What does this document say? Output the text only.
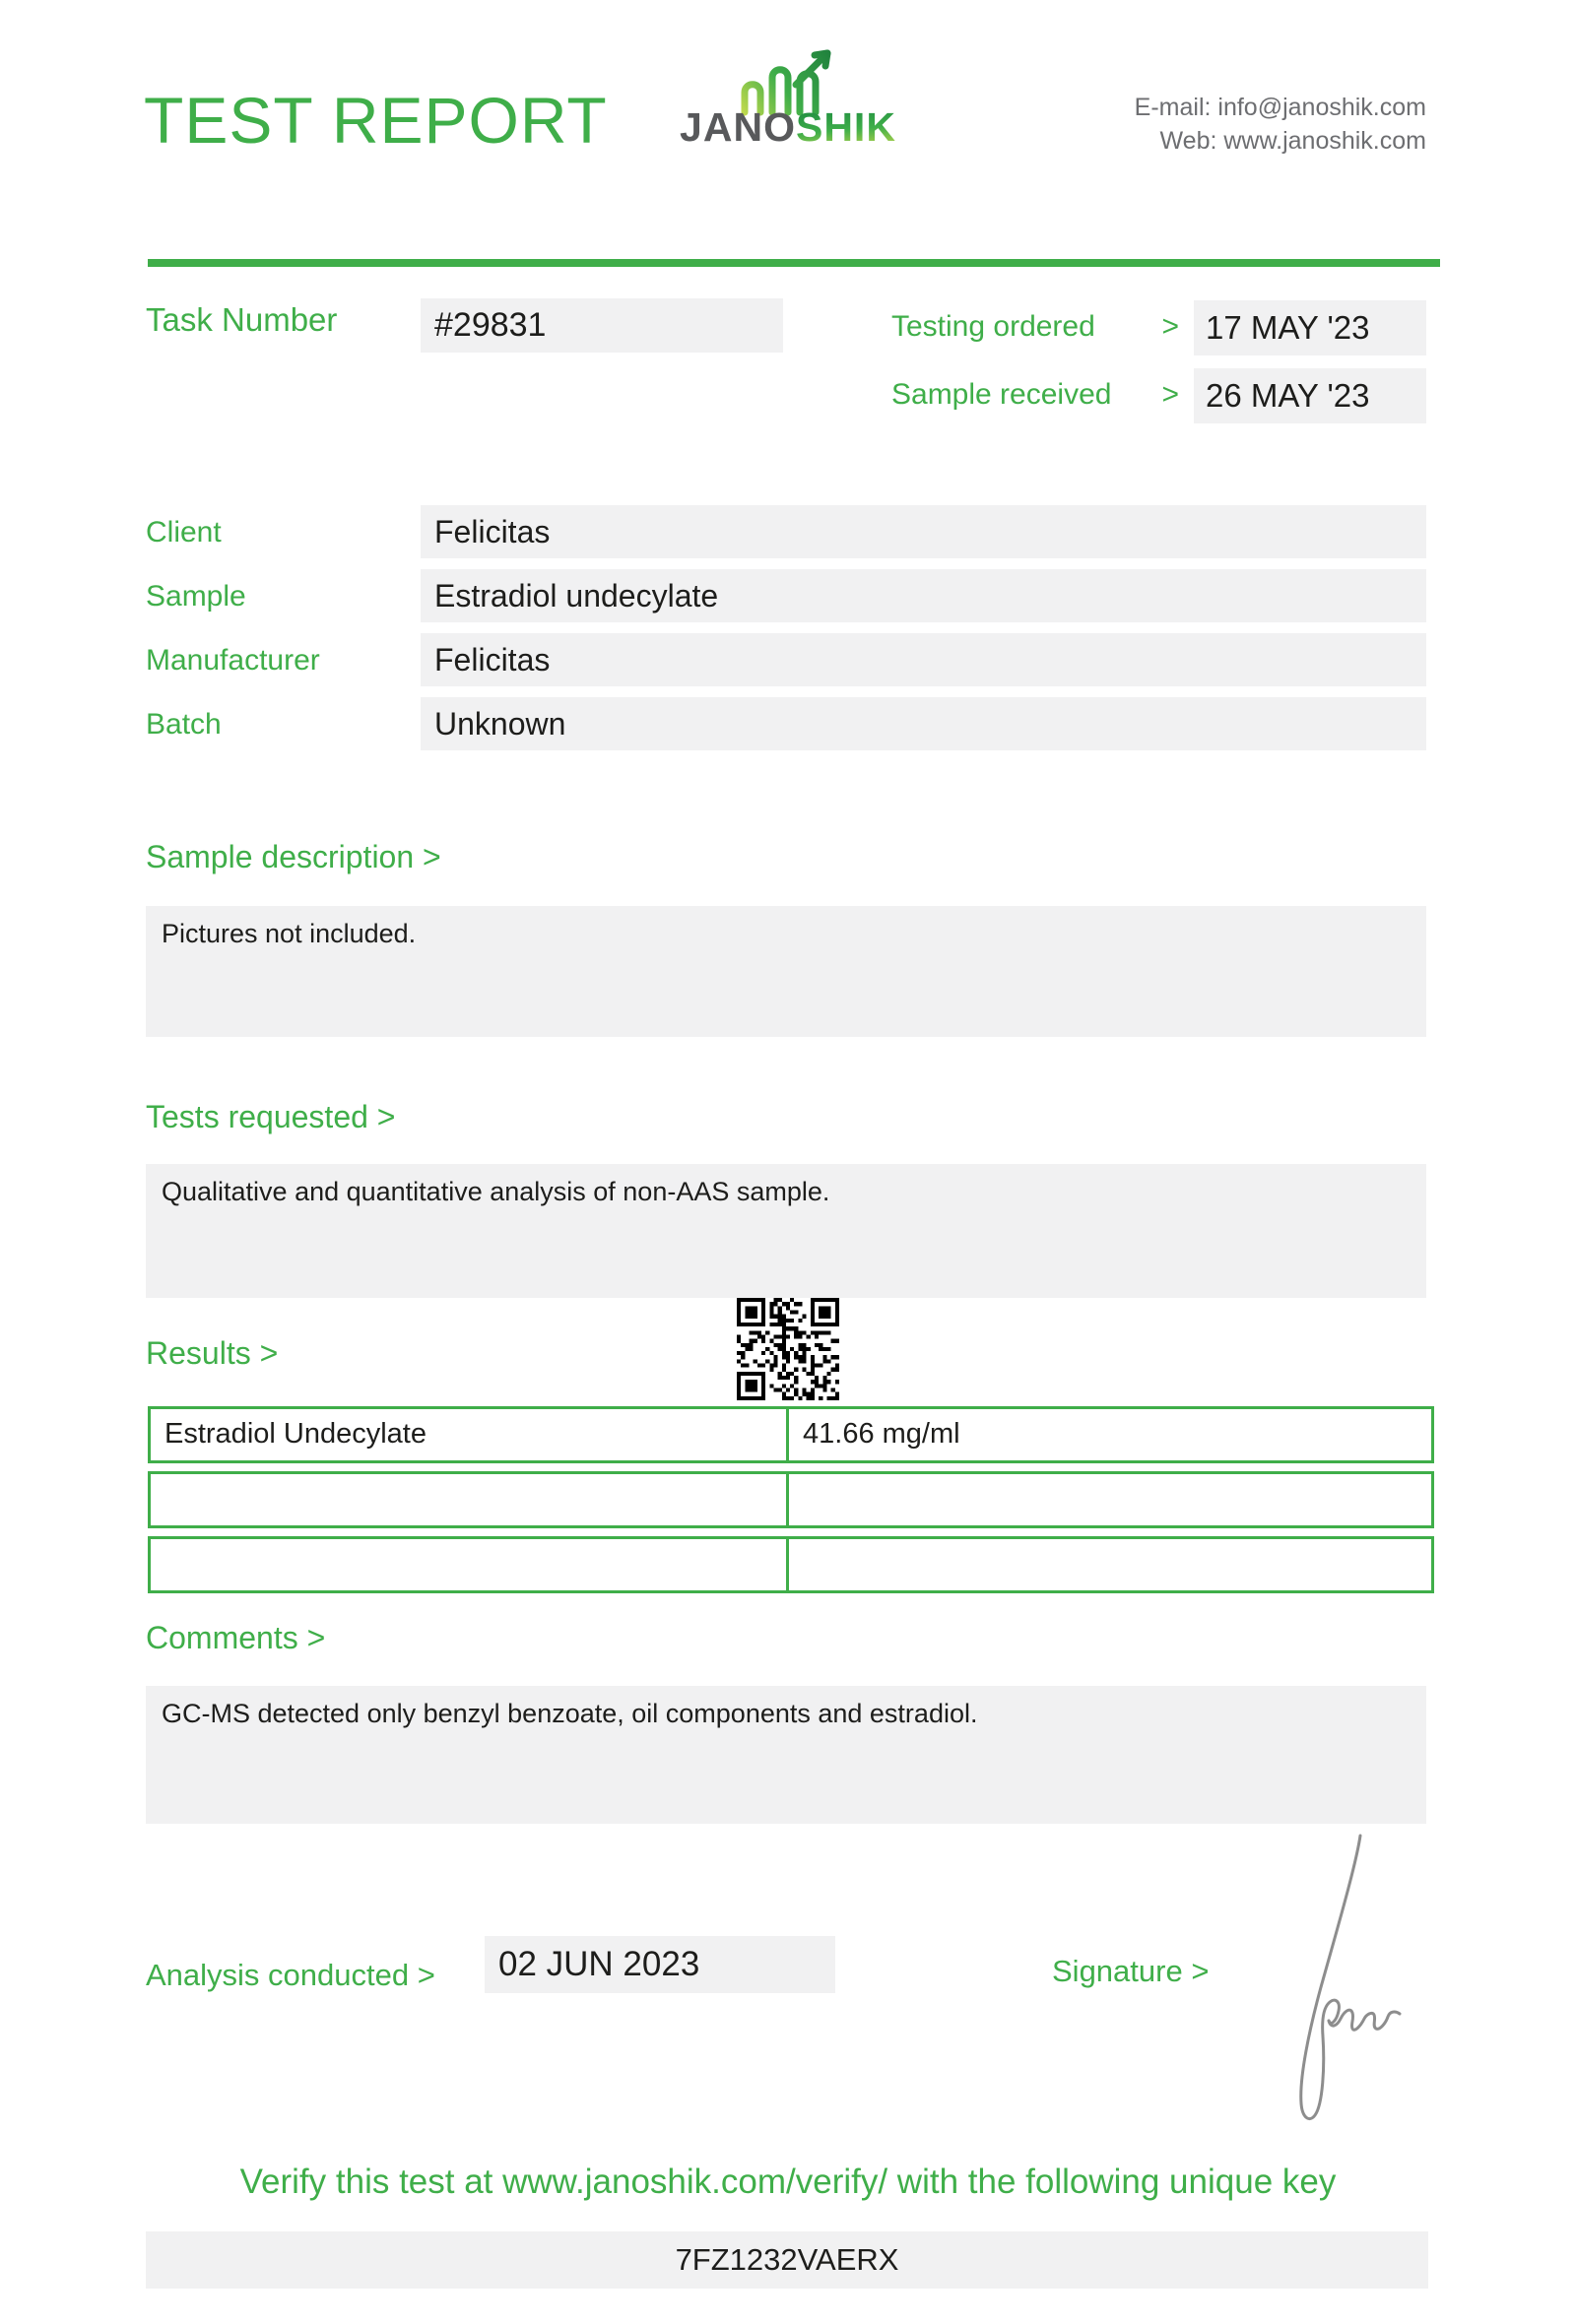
TEST REPORT JANOSHIK	E-mail: info@janoshik.com
Web: www.janoshik.com
Task Number	#29831	Testing ordered > 17 MAY '23
Sample received > 26 MAY '23
Client	Felicitas
Sample	Estradiol undecylate
Manufacturer	Felicitas
Batch	Unknown
Sample description >
Pictures not included.
Tests requested >
Qualitative and quantitative analysis of non-AAS sample.
Results >
Estradiol Undecylate	41.66 mg/ml
Comments >
GC-MS detected only benzyl benzoate, oil components and estradiol.
Analysis conducted >	02 JUN 2023	Signature >
Verify this test at www.janoshik.com/verify/ with the following unique key
7FZ1232VAERX
